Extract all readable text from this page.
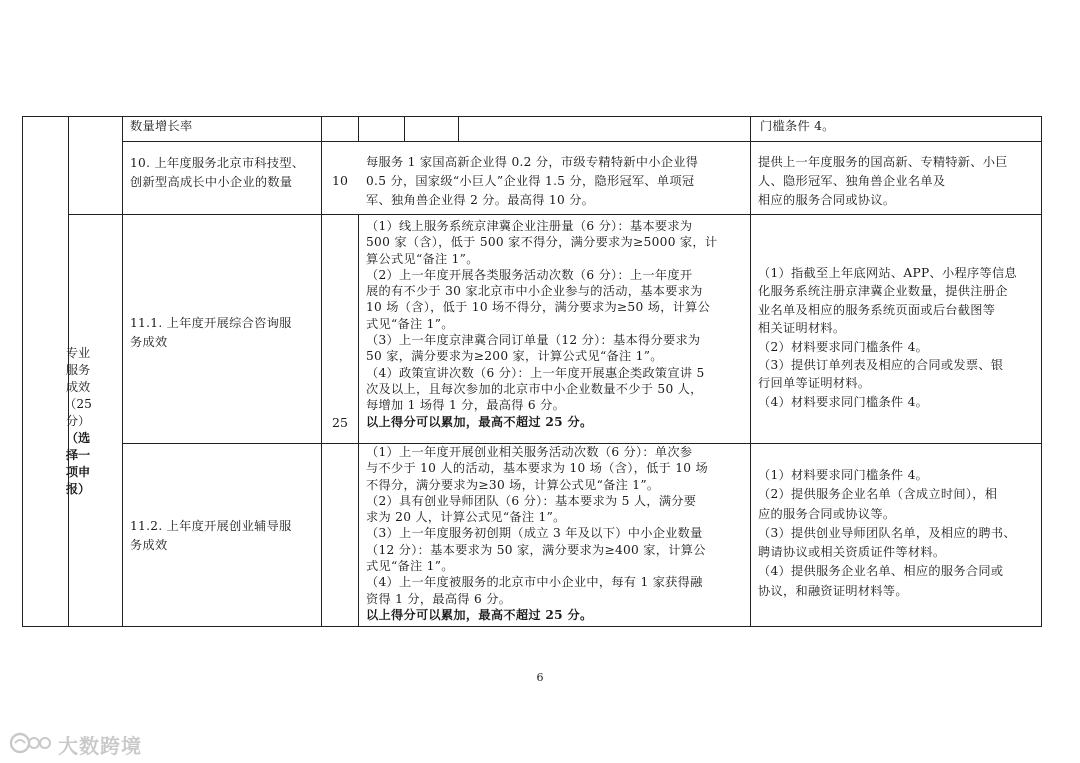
数量增长率	门槛条件 4。
10. 上年度服务北京市科技型、
创新型高成长中小企业的数量	10
每服务 1 家国高新企业得 0.2 分，市级专精特新中小企业得
0.5 分，国家级“小巨人”企业得 1.5 分，隐形冠军、单项冠
军、独角兽企业得 2 分。最高得 10 分。
提供上一年度服务的国高新、专精特新、小巨
人、隐形冠军、独角兽企业名单及
相应的服务合同或协议。
专业
服务
成效
（25
分）
（选
择一
项申
报）
25
11.1. 上年度开展综合咨询服
务成效
（1）线上服务系统京津冀企业注册量（6 分）：基本要求为
500 家（含），低于 500 家不得分，满分要求为≥5000 家，计
算公式见“备注 1”。
（2）上一年度开展各类服务活动次数（6 分）：上一年度开
展的有不少于 30 家北京市中小企业参与的活动，基本要求为
10 场（含），低于 10 场不得分，满分要求为≥50 场，计算公
式见“备注 1”。
（3）上一年度京津冀合同订单量（12 分）：基本得分要求为
50 家，满分要求为≥200 家，计算公式见“备注 1”。
（4）政策宣讲次数（6 分）：上一年度开展惠企类政策宣讲 5
次及以上，且每次参加的北京市中小企业数量不少于 50 人，
每增加 1 场得 1 分，最高得 6 分。
以上得分可以累加，最高不超过 25 分。
（1）指截至上年底网站、APP、小程序等信息
化服务系统注册京津冀企业数量，提供注册企
业名单及相应的服务系统页面或后台截图等
相关证明材料。
（2）材料要求同门槛条件 4。
（3）提供订单列表及相应的合同或发票、银
行回单等证明材料。
（4）材料要求同门槛条件 4。
11.2. 上年度开展创业辅导服
务成效
（1）上一年度开展创业相关服务活动次数（6 分）：单次参
与不少于 10 人的活动，基本要求为 10 场（含），低于 10 场
不得分，满分要求为≥30 场，计算公式见“备注 1”。
（2）具有创业导师团队（6 分）：基本要求为 5 人，满分要
求为 20 人，计算公式见“备注 1”。
（3）上一年度服务初创期（成立 3 年及以下）中小企业数量
（12 分）：基本要求为 50 家，满分要求为≥400 家，计算公
式见“备注 1”。
（4）上一年度被服务的北京市中小企业中，每有 1 家获得融
资得 1 分，最高得 6 分。
以上得分可以累加，最高不超过 25 分。
（1）材料要求同门槛条件 4。
（2）提供服务企业名单（含成立时间），相
应的服务合同或协议等。
（3）提供创业导师团队名单，及相应的聘书、
聘请协议或相关资质证件等材料。
（4）提供服务企业名单、相应的服务合同或
协议，和融资证明材料等。
6
大数跨境
